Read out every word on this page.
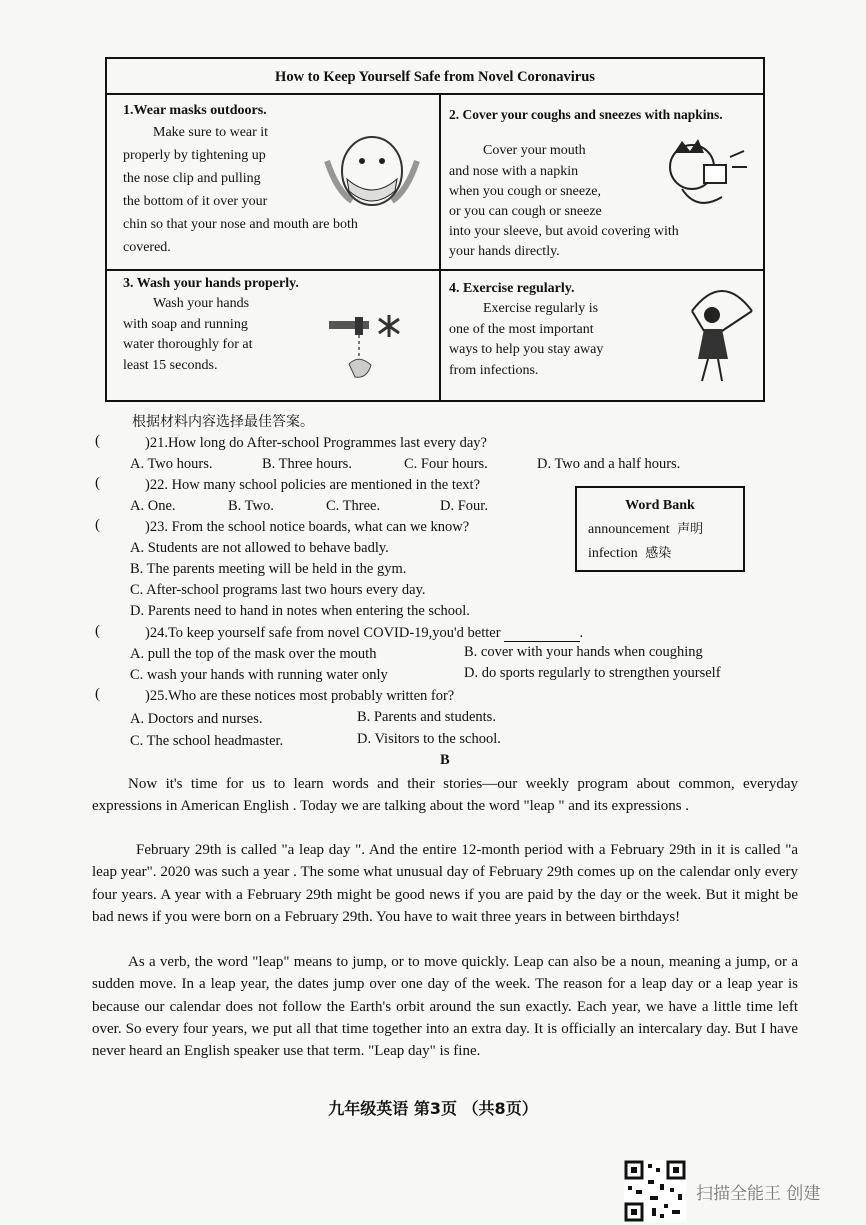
How to Keep Yourself Safe from Novel Coronavirus
1.Wear masks outdoors.
Make sure to wear it
properly by tightening up
the nose clip and pulling
the bottom of it over your
chin so that your nose and mouth are both
covered.
2. Cover your coughs and sneezes with napkins.
Cover your mouth
and nose with a napkin
when you cough or sneeze,
or you can cough or sneeze
into your sleeve, but avoid covering with
your hands directly.
3. Wash your hands properly.
Wash your hands
with soap and running
water thoroughly for at
least 15 seconds.
4. Exercise regularly.
Exercise regularly is
one of the most important
ways to help you stay away
from infections.
根据材料内容选择最佳答案。
(	)21.How long do After-school Programmes last every day?
A. Two hours.	B. Three hours.	C. Four hours.	D. Two and a half hours.
(	)22. How many school policies are mentioned in the text?
A. One.	B. Two.	C. Three.	D. Four.	Word Bank
announcement 声明
infection 感染
(	)23. From the school notice boards, what can we know?
A. Students are not allowed to behave badly.
B. The parents meeting will be held in the gym.
C. After-school programs last two hours every day.
D. Parents need to hand in notes when entering the school.
(	)24.To keep yourself safe from novel COVID-19,you'd better	.
A. pull the top of the mask over the mouth	B. cover with your hands when coughing
C. wash your hands with running water only	D. do sports regularly to strengthen yourself
(	)25.Who are these notices most probably written for?
A. Doctors and nurses.	B. Parents and students.
C. The school headmaster.	D. Visitors to the school.
B
Now it's time for us to learn words and their stories—our weekly program about common, everyday expressions in American English . Today we are talking about the word "leap " and its expressions .
February 29th is called "a leap day ". And the entire 12-month period with a February 29th in it is called "a leap year". 2020 was such a year . The some what unusual day of February 29th comes up on the calendar only every four years. A year with a February 29th might be good news if you are paid by the day or the week. But it might be bad news if you were born on a February 29th. You have to wait three years in between birthdays!
As a verb, the word "leap" means to jump, or to move quickly. Leap can also be a noun, meaning a jump, or a sudden move. In a leap year, the dates jump over one day of the week. The reason for a leap day or a leap year is because our calendar does not follow the Earth's orbit around the sun exactly. Each year, we have a little time left over. So every four years, we put all that time together into an extra day. It is officially an intercalary day. But I have never heard an English speaker use that term. "Leap day" is fine.
九年级英语 第3页 （共8页）
扫描全能王 创建
